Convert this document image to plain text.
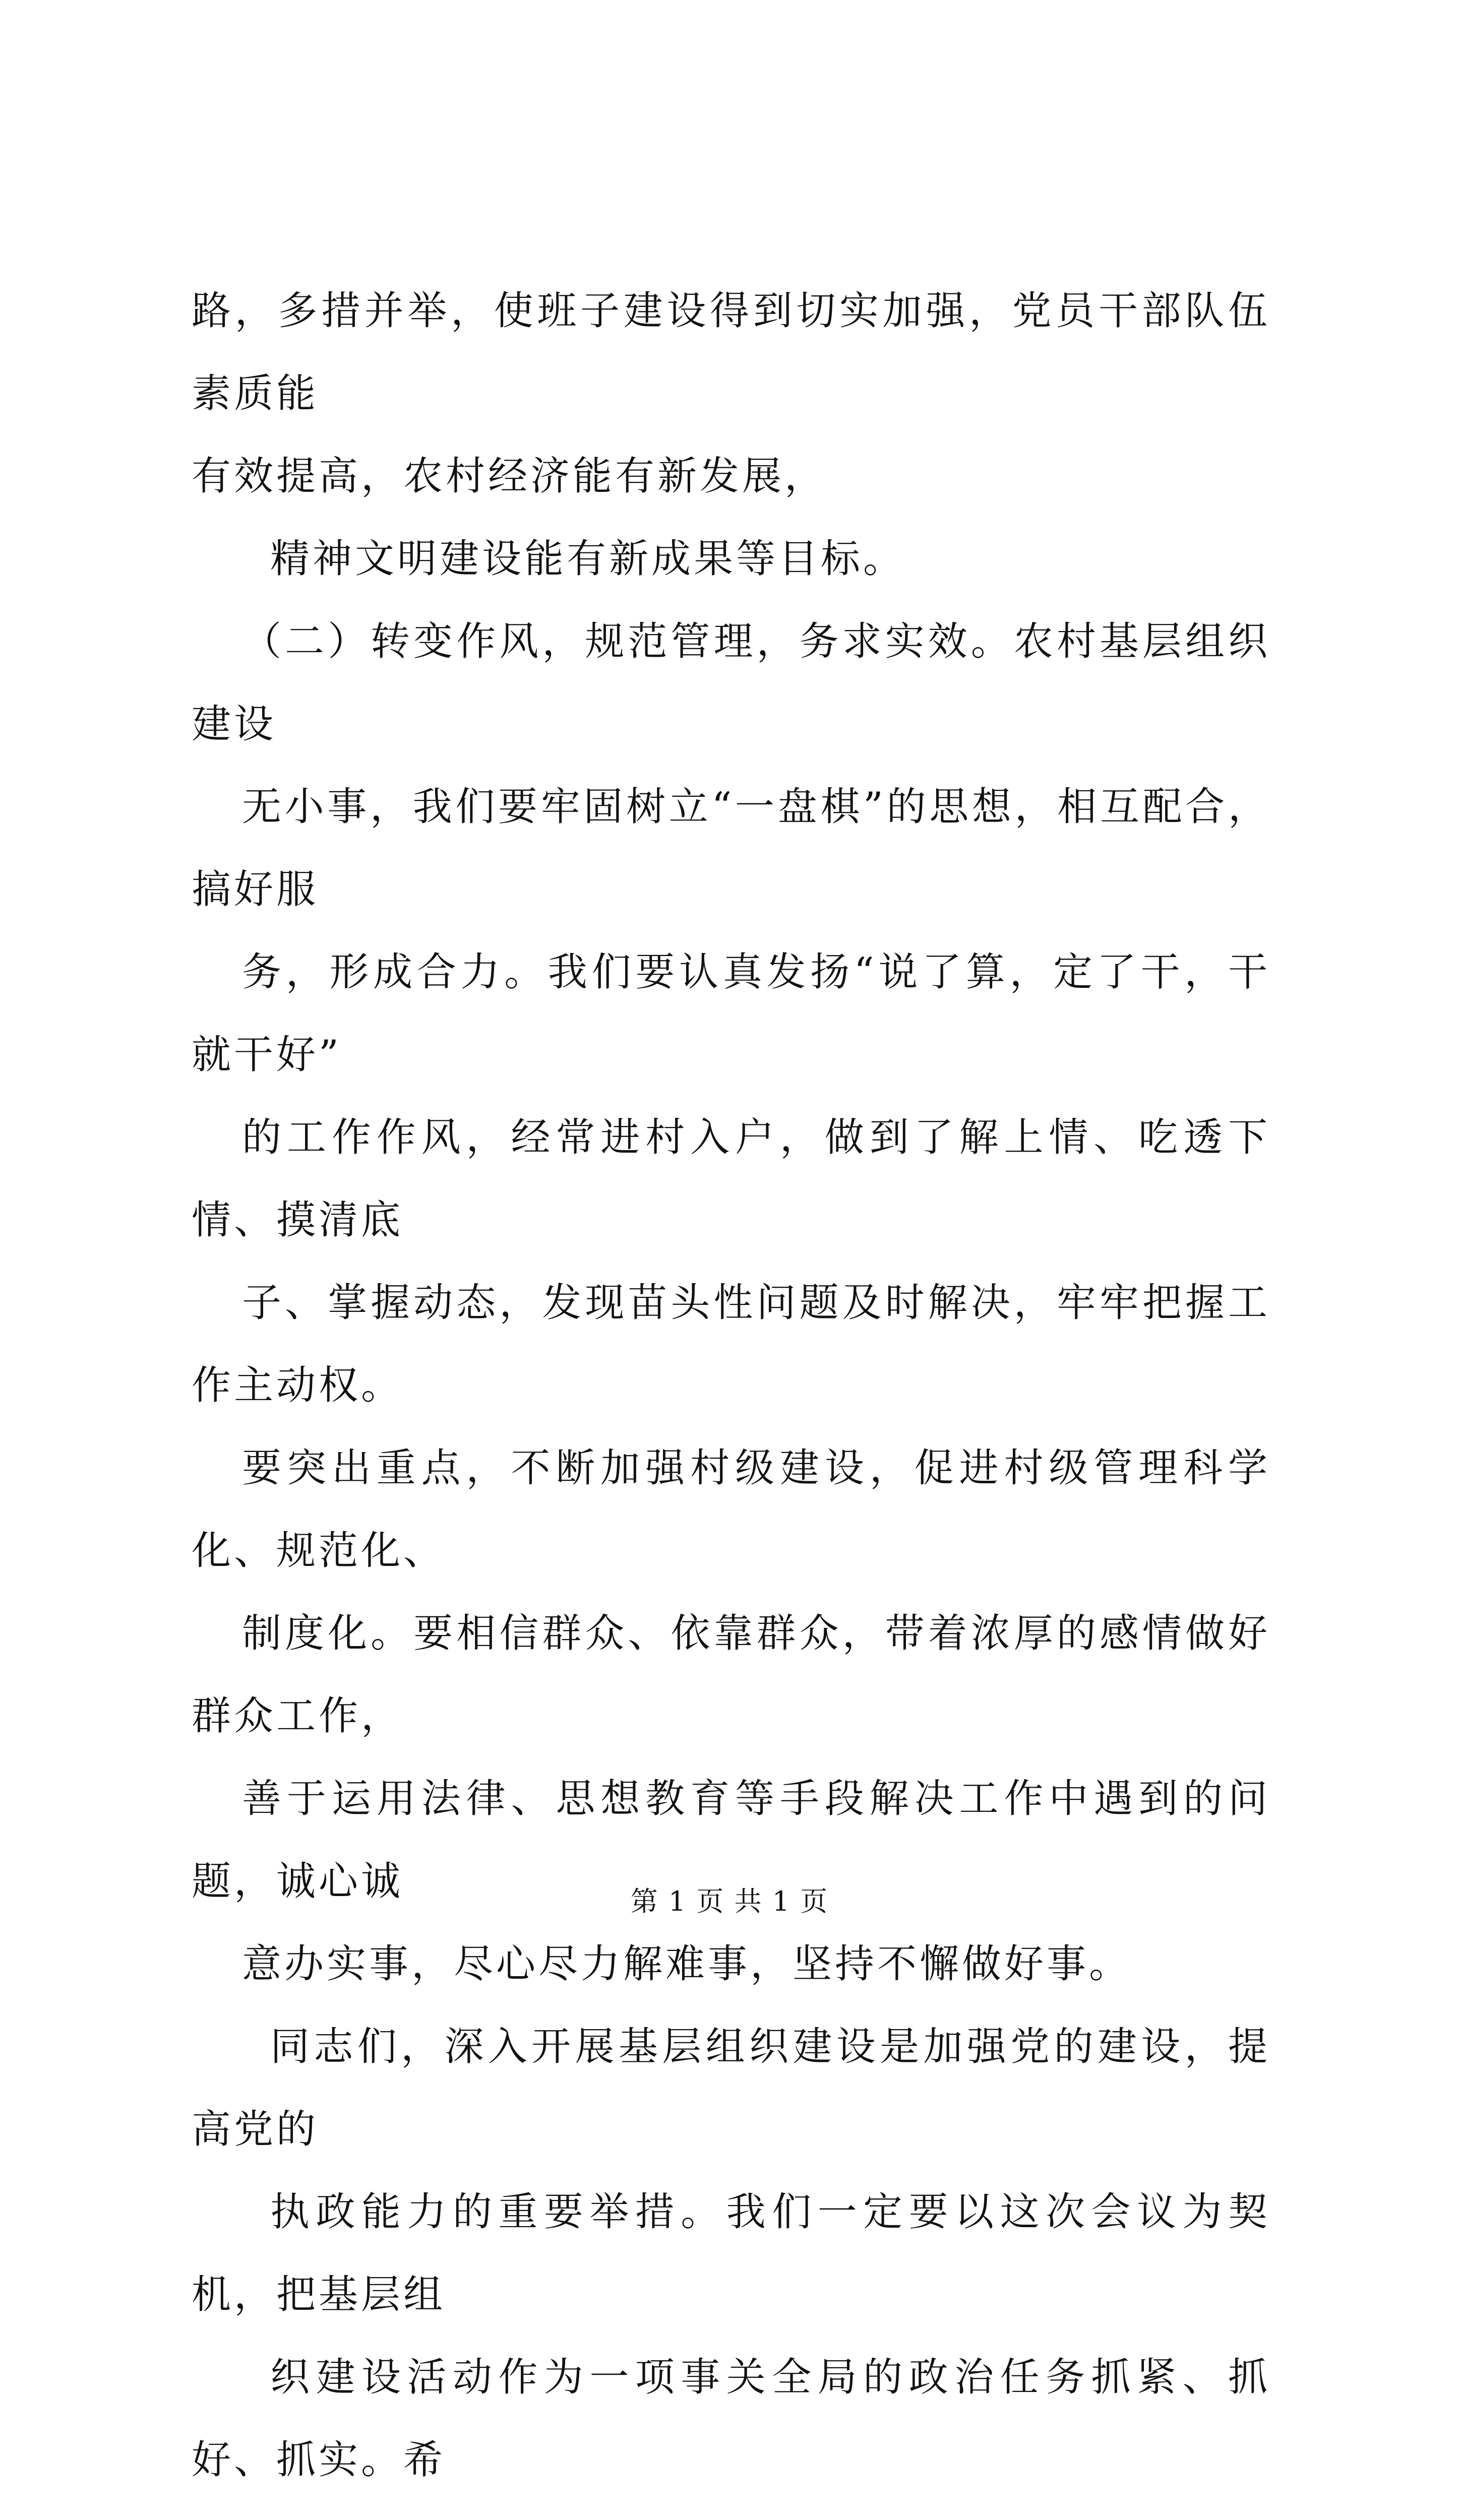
路，多措并举，使班子建设得到切实加强，党员干部队伍素质能
有效提高，农村经济能有新发展，

精神文明建设能有新成果等目标。

（二）转变作风，规范管理，务求实效。农村基层组织建设
无小事，我们要牢固树立“一盘棋”的思想，相互配合，搞好服
务，形成合力。我们要认真发扬“说了算，定了干，干就干好”
的工作作风，经常进村入户，做到了解上情、吃透下情、摸清底
子、掌握动态，发现苗头性问题及时解决，牢牢把握工作主动权。
要突出重点，不断加强村级建设，促进村级管理科学化、规范化、
制度化。要相信群众、依靠群众，带着浓厚的感情做好群众工作，
善于运用法律、思想教育等手段解决工作中遇到的问题，诚心诚
意办实事，尽心尽力解难事，坚持不懈做好事。

同志们，深入开展基层组织建设是加强党的建设，提高党的
执政能力的重要举措。我们一定要以这次会议为契机，把基层组
织建设活动作为一项事关全局的政治任务抓紧、抓好、抓实。希

第 1 页 共 1 页
